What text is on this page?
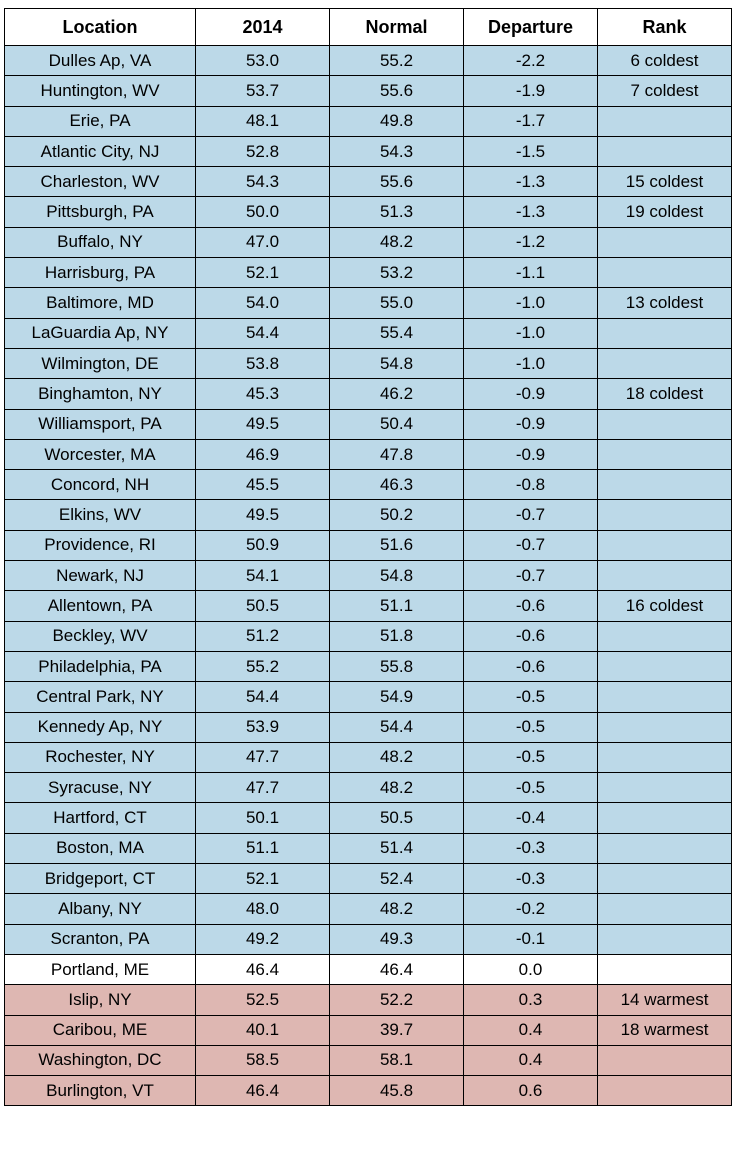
Location	2014	Normal	Departure	Rank
Dulles Ap, VA	53.0	55.2	-2.2	6 coldest
Huntington, WV	53.7	55.6	-1.9	7 coldest
Erie, PA	48.1	49.8	-1.7	
Atlantic City, NJ	52.8	54.3	-1.5	
Charleston, WV	54.3	55.6	-1.3	15 coldest
Pittsburgh, PA	50.0	51.3	-1.3	19 coldest
Buffalo, NY	47.0	48.2	-1.2	
Harrisburg, PA	52.1	53.2	-1.1	
Baltimore, MD	54.0	55.0	-1.0	13 coldest
LaGuardia Ap, NY	54.4	55.4	-1.0	
Wilmington, DE	53.8	54.8	-1.0	
Binghamton, NY	45.3	46.2	-0.9	18 coldest
Williamsport, PA	49.5	50.4	-0.9	
Worcester, MA	46.9	47.8	-0.9	
Concord, NH	45.5	46.3	-0.8	
Elkins, WV	49.5	50.2	-0.7	
Providence, RI	50.9	51.6	-0.7	
Newark, NJ	54.1	54.8	-0.7	
Allentown, PA	50.5	51.1	-0.6	16 coldest
Beckley, WV	51.2	51.8	-0.6	
Philadelphia, PA	55.2	55.8	-0.6	
Central Park, NY	54.4	54.9	-0.5	
Kennedy Ap, NY	53.9	54.4	-0.5	
Rochester, NY	47.7	48.2	-0.5	
Syracuse, NY	47.7	48.2	-0.5	
Hartford, CT	50.1	50.5	-0.4	
Boston, MA	51.1	51.4	-0.3	
Bridgeport, CT	52.1	52.4	-0.3	
Albany, NY	48.0	48.2	-0.2	
Scranton, PA	49.2	49.3	-0.1	
Portland, ME	46.4	46.4	0.0	
Islip, NY	52.5	52.2	0.3	14 warmest
Caribou, ME	40.1	39.7	0.4	18 warmest
Washington, DC	58.5	58.1	0.4	
Burlington, VT	46.4	45.8	0.6	
